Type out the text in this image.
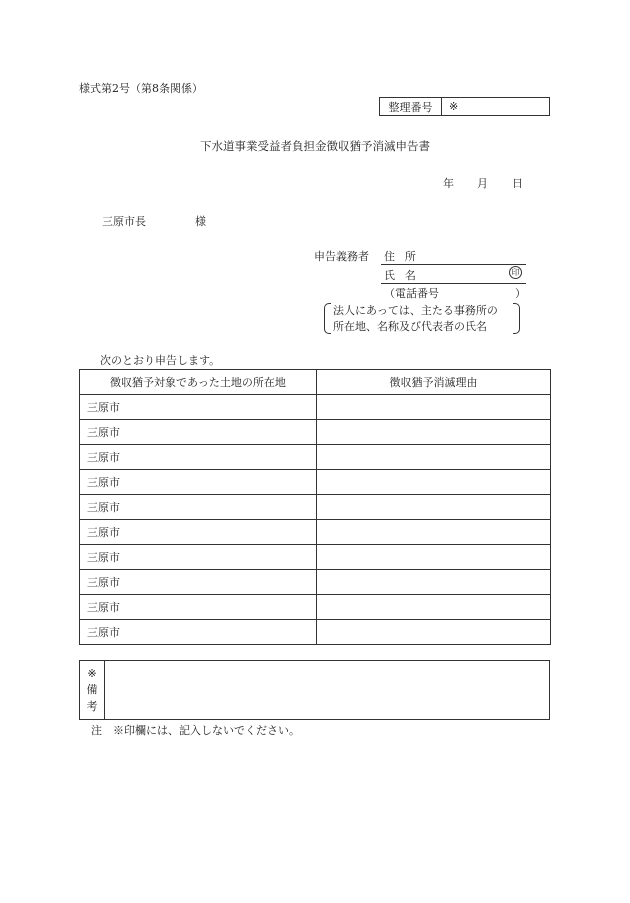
様式第2号（第8条関係）
整理番号	※
下水道事業受益者負担金徴収猶予消滅申告書
年 月 日
三原市長	様
申告義務者 住所
氏名	印
（電話番号	）
法人にあっては、主たる事務所の
所在地、名称及び代表者の氏名
次のとおり申告します。
徴収猶予対象であった土地の所在地	徴収猶予消滅理由
三原市	
三原市	
三原市	
三原市	
三原市	
三原市	
三原市	
三原市	
三原市	
三原市	
※
備
考
注　※印欄には、記入しないでください。
